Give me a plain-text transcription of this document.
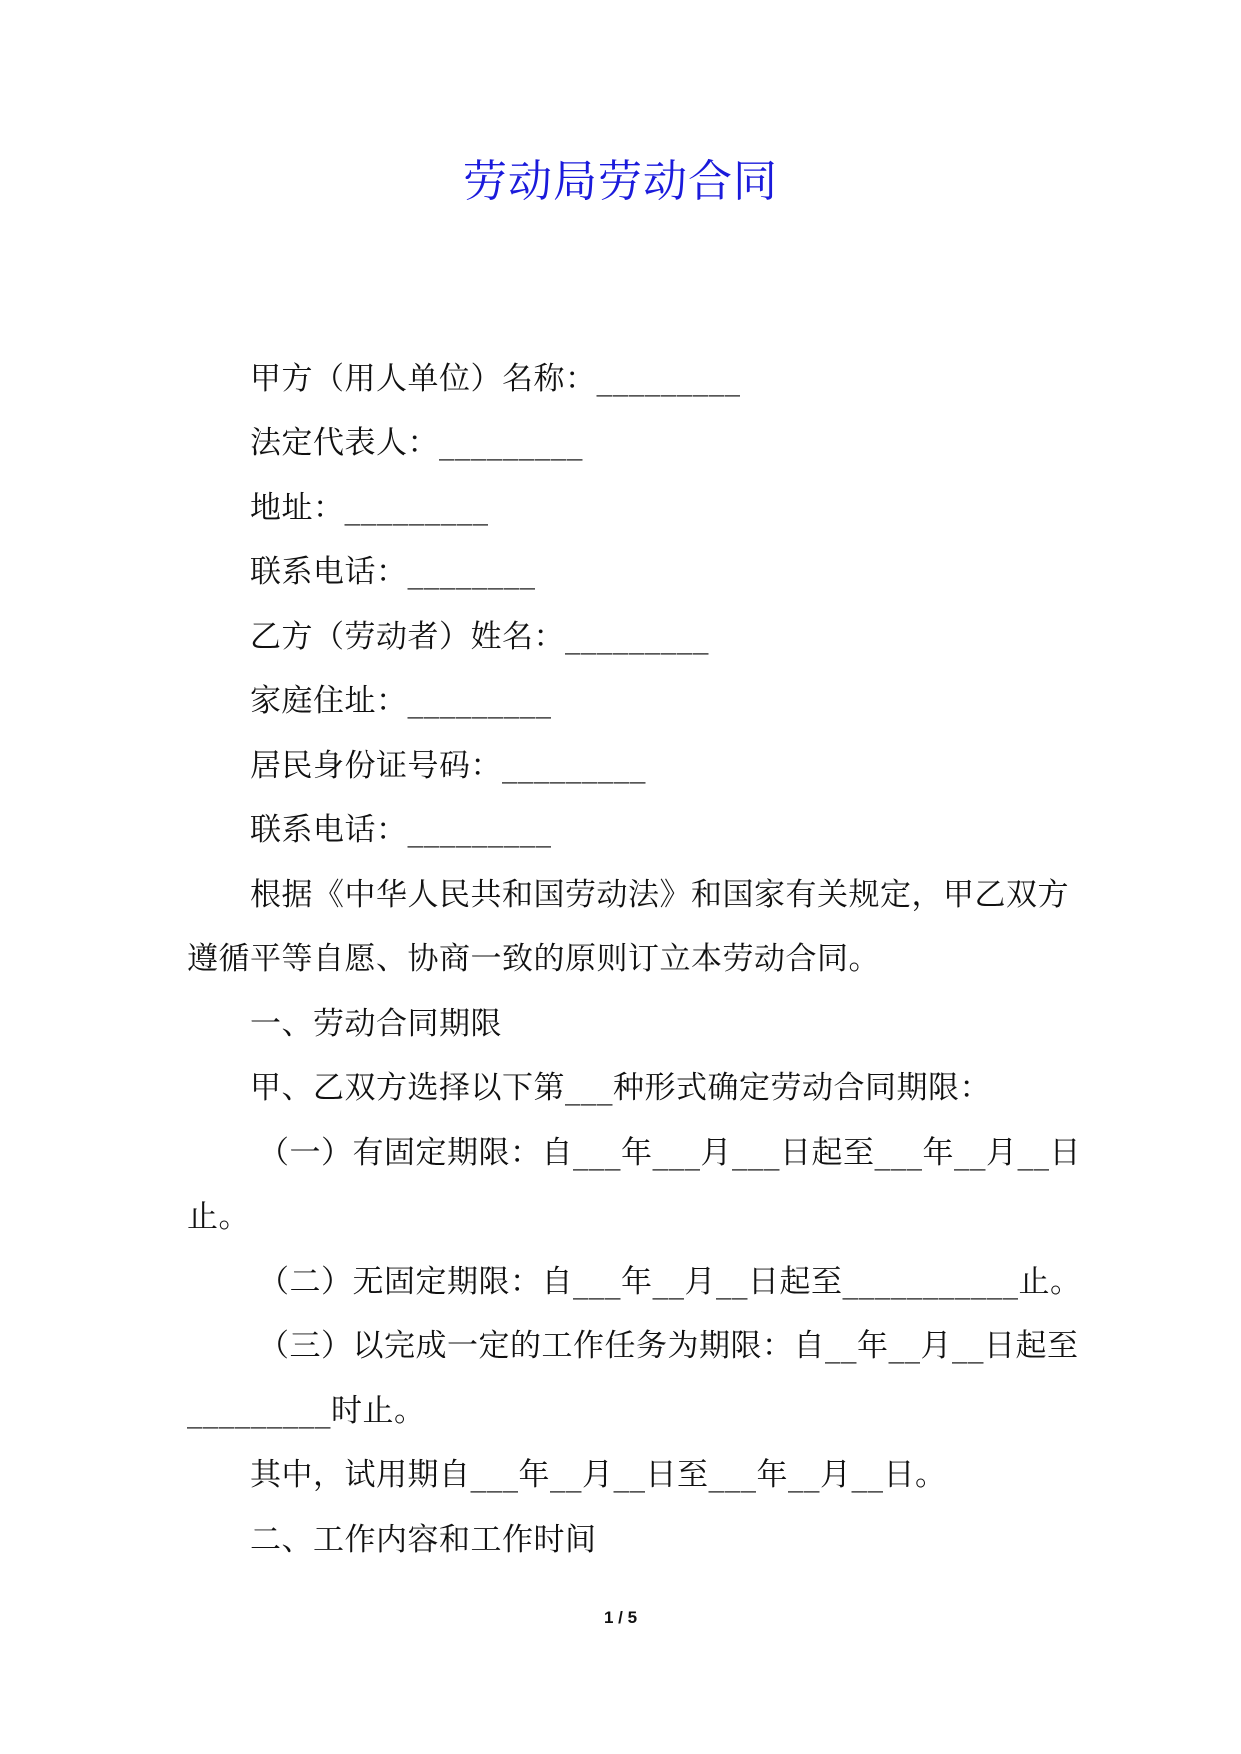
劳动局劳动合同
甲方（用人单位）名称：_________
法定代表人：_________
地址：_________
联系电话：________
乙方（劳动者）姓名：_________
家庭住址：_________
居民身份证号码：_________
联系电话：_________
根据《中华人民共和国劳动法》和国家有关规定，甲乙双方
遵循平等自愿、协商一致的原则订立本劳动合同。
一、劳动合同期限
甲、乙双方选择以下第___种形式确定劳动合同期限：
（一）有固定期限：自___年___月___日起至___年__月__日
止。
（二）无固定期限：自___年__月__日起至___________止。
（三）以完成一定的工作任务为期限：自__年__月__日起至
_________时止。
其中，试用期自___年__月__日至___年__月__日。
二、工作内容和工作时间
1 / 5
